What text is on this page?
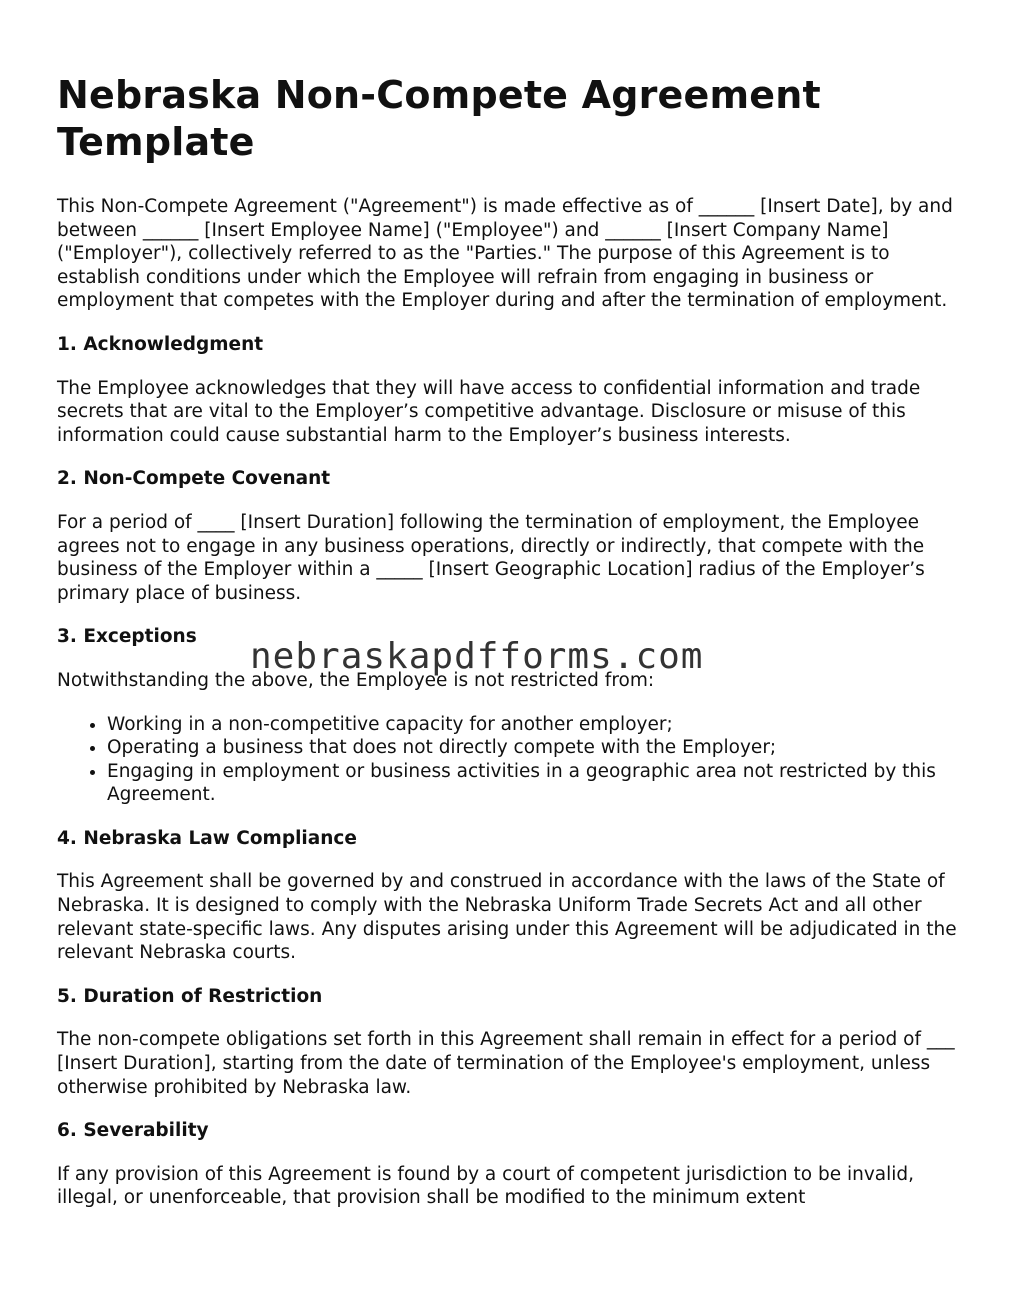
Nebraska Non-Compete Agreement Template

This Non-Compete Agreement ("Agreement") is made effective as of ______ [Insert Date], by and between ______ [Insert Employee Name] ("Employee") and ______ [Insert Company Name] ("Employer"), collectively referred to as the "Parties." The purpose of this Agreement is to establish conditions under which the Employee will refrain from engaging in business or employment that competes with the Employer during and after the termination of employment.

1. Acknowledgment

The Employee acknowledges that they will have access to confidential information and trade secrets that are vital to the Employer’s competitive advantage. Disclosure or misuse of this information could cause substantial harm to the Employer’s business interests.

2. Non-Compete Covenant

For a period of ____ [Insert Duration] following the termination of employment, the Employee agrees not to engage in any business operations, directly or indirectly, that compete with the business of the Employer within a _____ [Insert Geographic Location] radius of the Employer’s primary place of business.

3. Exceptions

Notwithstanding the above, the Employee is not restricted from:

• Working in a non-competitive capacity for another employer;
• Operating a business that does not directly compete with the Employer;
• Engaging in employment or business activities in a geographic area not restricted by this Agreement.
4. Nebraska Law Compliance

This Agreement shall be governed by and construed in accordance with the laws of the State of Nebraska. It is designed to comply with the Nebraska Uniform Trade Secrets Act and all other relevant state-specific laws. Any disputes arising under this Agreement will be adjudicated in the relevant Nebraska courts.

5. Duration of Restriction

The non-compete obligations set forth in this Agreement shall remain in effect for a period of ___ [Insert Duration], starting from the date of termination of the Employee's employment, unless otherwise prohibited by Nebraska law.

6. Severability

If any provision of this Agreement is found by a court of competent jurisdiction to be invalid, illegal, or unenforceable, that provision shall be modified to the minimum extent

nebraskapdfforms.com
